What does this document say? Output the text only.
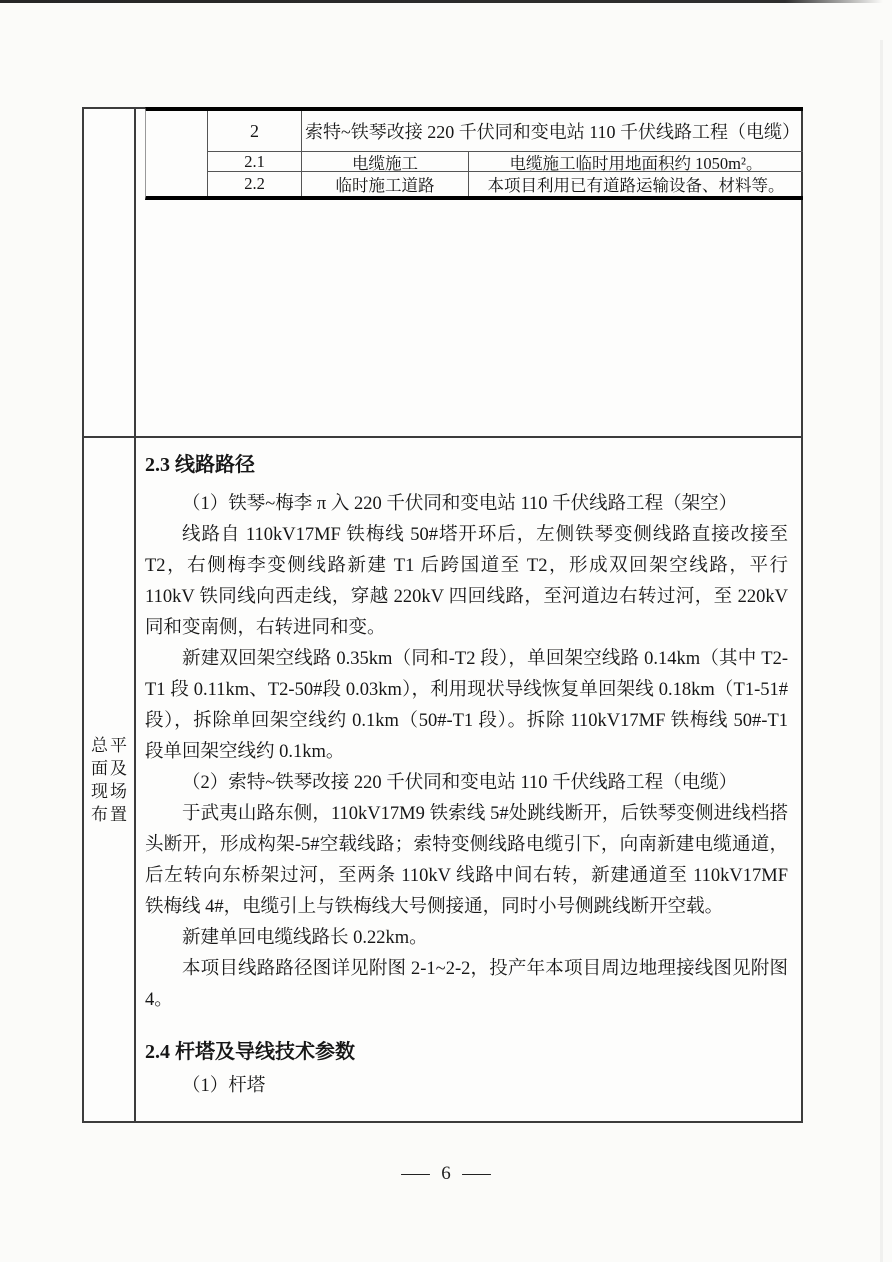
总平
面及
现场
布置
2	索特~铁琴改接 220 千伏同和变电站 110 千伏线路工程（电缆）
2.1	电缆施工	电缆施工临时用地面积约 1050m²。
2.2	临时施工道路	本项目利用已有道路运输设备、材料等。
2.3 线路路径

（1）铁琴~梅李 π 入 220 千伏同和变电站 110 千伏线路工程（架空）

线路自 110kV17MF 铁梅线 50#塔开环后，左侧铁琴变侧线路直接改接至 T2，右侧梅李变侧线路新建 T1 后跨国道至 T2，形成双回架空线路，平行 110kV 铁同线向西走线，穿越 220kV 四回线路，至河道边右转过河，至 220kV 同和变南侧，右转进同和变。

新建双回架空线路 0.35km（同和-T2 段），单回架空线路 0.14km（其中 T2-T1 段 0.11km、T2-50#段 0.03km），利用现状导线恢复单回架线 0.18km（T1-51#段），拆除单回架空线约 0.1km（50#-T1 段）。拆除 110kV17MF 铁梅线 50#-T1 段单回架空线约 0.1km。

（2）索特~铁琴改接 220 千伏同和变电站 110 千伏线路工程（电缆）

于武夷山路东侧，110kV17M9 铁索线 5#处跳线断开，后铁琴变侧进线档搭头断开，形成构架-5#空载线路；索特变侧线路电缆引下，向南新建电缆通道，后左转向东桥架过河，至两条 110kV 线路中间右转，新建通道至 110kV17MF 铁梅线 4#，电缆引上与铁梅线大号侧接通，同时小号侧跳线断开空载。

新建单回电缆线路长 0.22km。

本项目线路路径图详见附图 2-1~2-2，投产年本项目周边地理接线图见附图 4。

2.4 杆塔及导线技术参数

（1）杆塔

— 6 —
